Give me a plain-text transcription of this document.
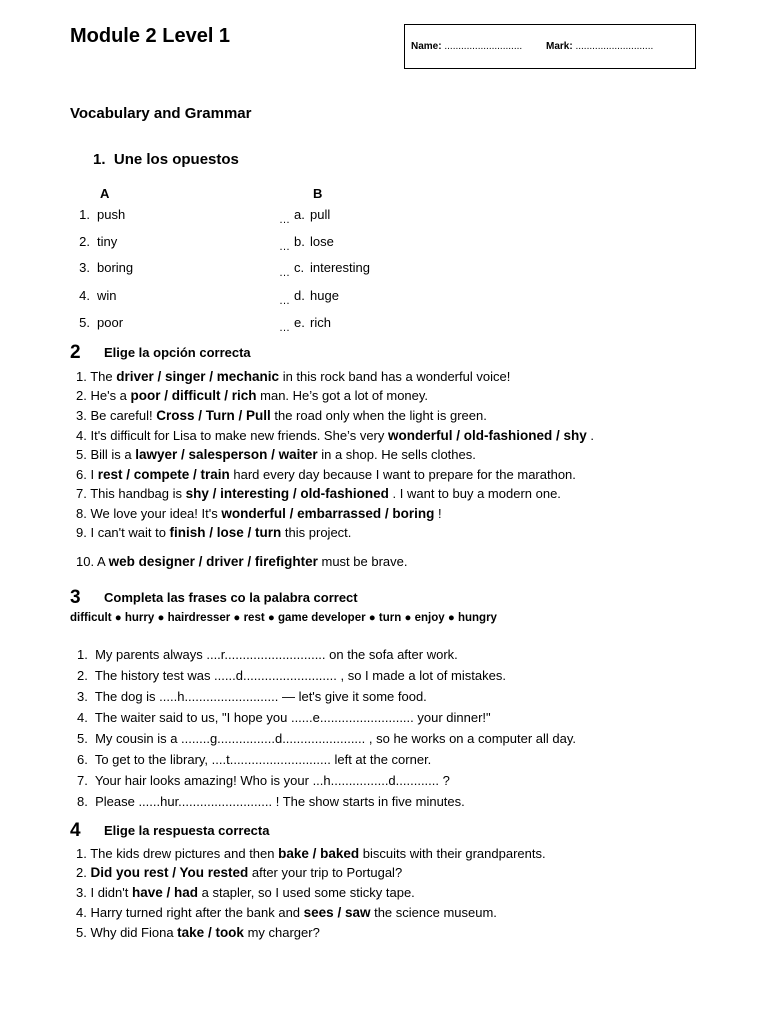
Module 2 Level 1	Name: ............................ Mark: ............................
Vocabulary and Grammar
1. Une los opuestos
A	B
1. push	… a. pull
2. tiny	… b. lose
3. boring	… c. interesting
4. win	… d. huge
5. poor	… e. rich
2 Elige la opción correcta
1. The driver / singer / mechanic in this rock band has a wonderful voice!
2. He's a poor / difficult / rich man. He’s got a lot of money.
3. Be careful! Cross / Turn / Pull the road only when the light is green.
4. It's difficult for Lisa to make new friends. She’s very wonderful / old-fashioned / shy .
5. Bill is a lawyer / salesperson / waiter in a shop. He sells clothes.
6. I rest / compete / train hard every day because I want to prepare for the marathon.
7. This handbag is shy / interesting / old-fashioned . I want to buy a modern one.
8. We love your idea! It's wonderful / embarrassed / boring !
9. I can't wait to finish / lose / turn this project.
10. A web designer / driver / firefighter must be brave.
3 Completa las frases co la palabra correct
difficult ● hurry ● hairdresser ● rest ● game developer ● turn ● enjoy ● hungry
1. My parents always ....r............................ on the sofa after work.
2. The history test was ......d.......................... , so I made a lot of mistakes.
3. The dog is .....h.......................... — let's give it some food.
4. The waiter said to us, "I hope you ......e.......................... your dinner!"
5. My cousin is a ........g................d....................... , so he works on a computer all day.
6. To get to the library, ....t............................ left at the corner.
7. Your hair looks amazing! Who is your ...h................d............ ?
8. Please ......hur.......................... ! The show starts in five minutes.
4 Elige la respuesta correcta
1. The kids drew pictures and then bake / baked biscuits with their grandparents.
2. Did you rest / You rested after your trip to Portugal?
3. I didn't have / had a stapler, so I used some sticky tape.
4. Harry turned right after the bank and sees / saw the science museum.
5. Why did Fiona take / took my charger?
